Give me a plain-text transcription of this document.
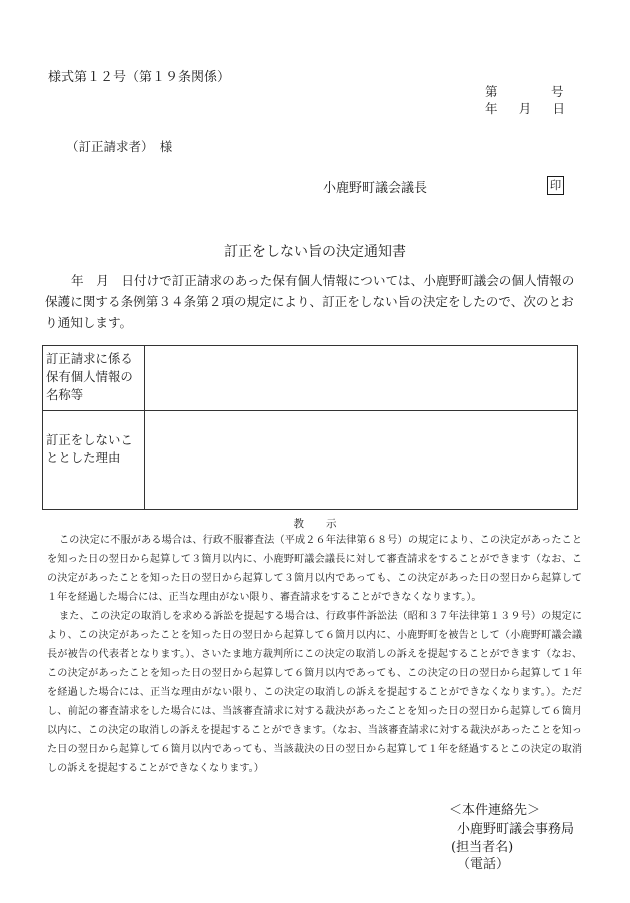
様式第１２号（第１９条関係）
第	号
年 月 日
（訂正請求者）　様
小鹿野町議会議長	印
訂正をしない旨の決定通知書
年　月　日付けで訂正請求のあった保有個人情報については、小鹿野町議会の個人情報の保護に関する条例第３４条第２項の規定により、訂正をしない旨の決定をしたので、次のとおり通知します。
訂正請求に係る保有個人情報の名称等
訂正をしないこととした理由
教示

この決定に不服がある場合は、行政不服審査法（平成２６年法律第６８号）の規定により、この決定があったことを知った日の翌日から起算して３箇月以内に、小鹿野町議会議長に対して審査請求をすることができます（なお、この決定があったことを知った日の翌日から起算して３箇月以内であっても、この決定があった日の翌日から起算して１年を経過した場合には、正当な理由がない限り、審査請求をすることができなくなります。）。

また、この決定の取消しを求める訴訟を提起する場合は、行政事件訴訟法（昭和３７年法律第１３９号）の規定により、この決定があったことを知った日の翌日から起算して６箇月以内に、小鹿野町を被告として（小鹿野町議会議長が被告の代表者となります。）、さいたま地方裁判所にこの決定の取消しの訴えを提起することができます（なお、この決定があったことを知った日の翌日から起算して６箇月以内であっても、この決定の日の翌日から起算して１年を経過した場合には、正当な理由がない限り、この決定の取消しの訴えを提起することができなくなります。）。ただし、前記の審査請求をした場合には、当該審査請求に対する裁決があったことを知った日の翌日から起算して６箇月以内に、この決定の取消しの訴えを提起することができます。（なお、当該審査請求に対する裁決があったことを知った日の翌日から起算して６箇月以内であっても、当該裁決の日の翌日から起算して１年を経過するとこの決定の取消しの訴えを提起することができなくなります。）

＜本件連絡先＞
小鹿野町議会事務局
(担当者名)
（電話）
